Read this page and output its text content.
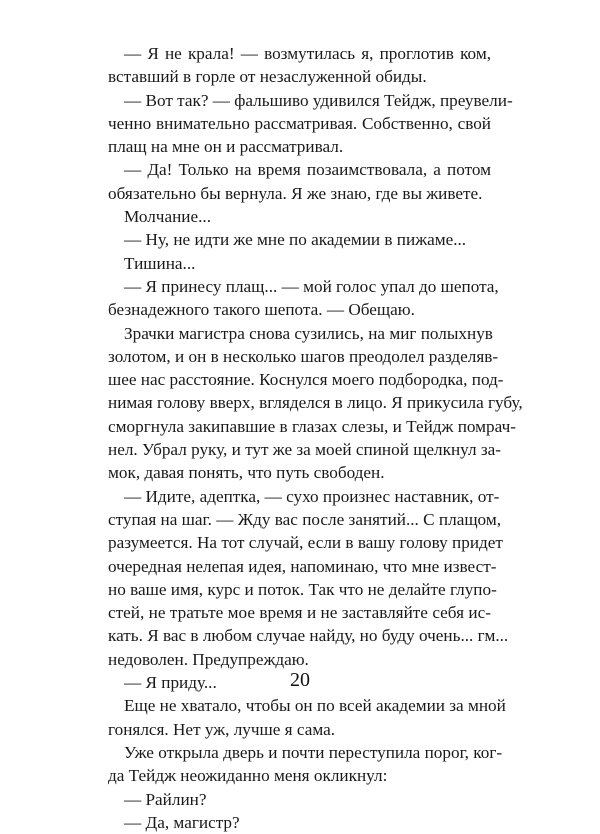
— Я не крала! — возмутилась я, проглотив ком,
вставший в горле от незаслуженной обиды.
— Вот так? — фальшиво удивился Тейдж, преувели-
ченно внимательно рассматривая. Собственно, свой
плащ на мне он и рассматривал.
— Да! Только на время позаимствовала, а потом
обязательно бы вернула. Я же знаю, где вы живете.
Молчание...
— Ну, не идти же мне по академии в пижаме...
Тишина...
— Я принесу плащ... — мой голос упал до шепота,
безнадежного такого шепота. — Обещаю.
Зрачки магистра снова сузились, на миг полыхнув
золотом, и он в несколько шагов преодолел разделяв-
шее нас расстояние. Коснулся моего подбородка, под-
нимая голову вверх, вгляделся в лицо. Я прикусила губу,
сморгнула закипавшие в глазах слезы, и Тейдж помрач-
нел. Убрал руку, и тут же за моей спиной щелкнул за-
мок, давая понять, что путь свободен.
— Идите, адептка, — сухо произнес наставник, от-
ступая на шаг. — Жду вас после занятий... С плащом,
разумеется. На тот случай, если в вашу голову придет
очередная нелепая идея, напоминаю, что мне извест-
но ваше имя, курс и поток. Так что не делайте глупо-
стей, не тратьте мое время и не заставляйте себя ис-
кать. Я вас в любом случае найду, но буду очень... гм...
недоволен. Предупреждаю.
— Я приду...
Еще не хватало, чтобы он по всей академии за мной
гонялся. Нет уж, лучше я сама.
Уже открыла дверь и почти переступила порог, ког-
да Тейдж неожиданно меня окликнул:
— Райлин?
— Да, магистр?
20
